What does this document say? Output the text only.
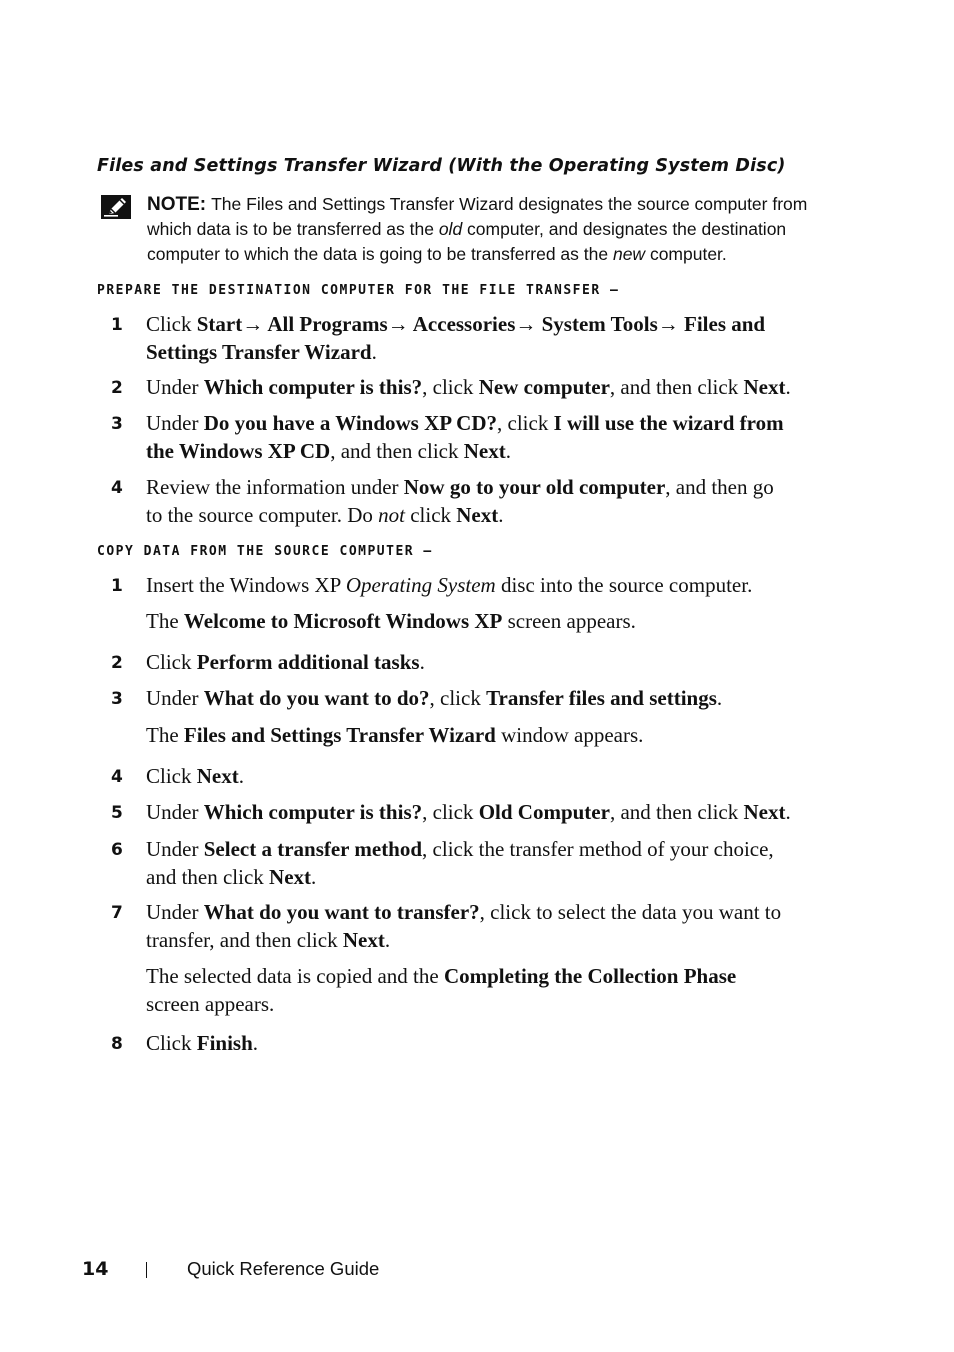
Files and Settings Transfer Wizard (With the Operating System Disc)
NOTE: The Files and Settings Transfer Wizard designates the source computer from
which data is to be transferred as the old computer, and designates the destination
computer to which the data is going to be transferred as the new computer.
PREPARE THE DESTINATION COMPUTER FOR THE FILE TRANSFER —
1	Click Start→ All Programs→ Accessories→ System Tools→ Files and
Settings Transfer Wizard.
2	Under Which computer is this?, click New computer, and then click Next.
3	Under Do you have a Windows XP CD?, click I will use the wizard from
the Windows XP CD, and then click Next.
4	Review the information under Now go to your old computer, and then go
to the source computer. Do not click Next.
COPY DATA FROM THE SOURCE COMPUTER —
1	Insert the Windows XP Operating System disc into the source computer.
The Welcome to Microsoft Windows XP screen appears.
2	Click Perform additional tasks.
3	Under What do you want to do?, click Transfer files and settings.
The Files and Settings Transfer Wizard window appears.
4	Click Next.
5	Under Which computer is this?, click Old Computer, and then click Next.
6	Under Select a transfer method, click the transfer method of your choice,
and then click Next.
7	Under What do you want to transfer?, click to select the data you want to
transfer, and then click Next.
The selected data is copied and the Completing the Collection Phase
screen appears.
8	Click Finish.
14	Quick Reference Guide
